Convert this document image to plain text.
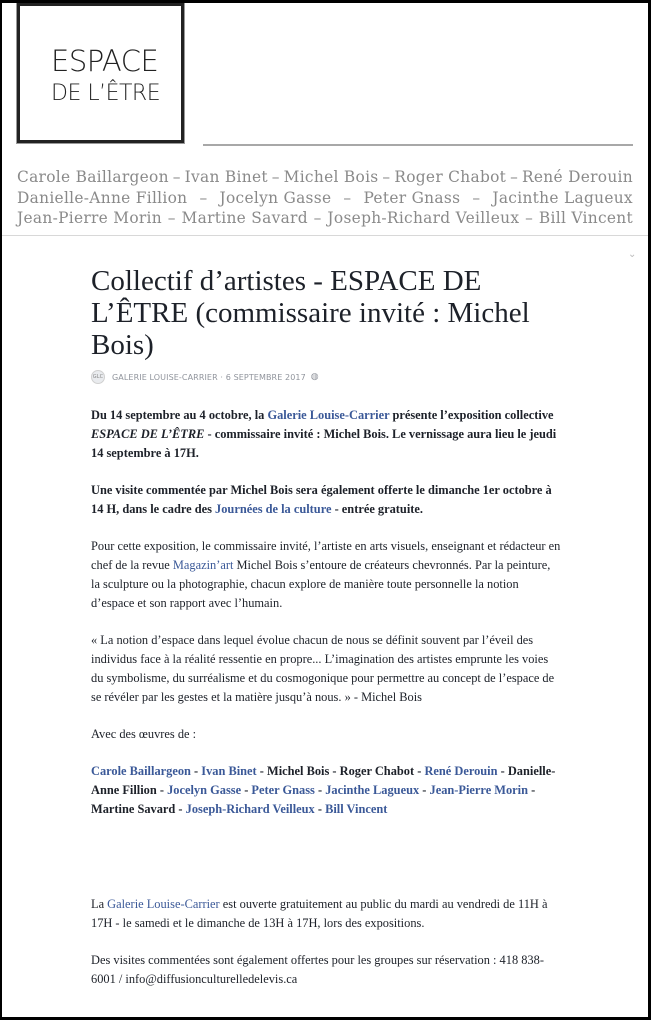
ESPACE
DE L’ÊTRE
Carole Baillargeon – Ivan Binet – Michel Bois – Roger Chabot – René Derouin
Danielle-Anne Fillion – Jocelyn Gasse – Peter Gnass – Jacinthe Lagueux
Jean-Pierre Morin – Martine Savard – Joseph-Richard Veilleux – Bill Vincent
⌄
Collectif d’artistes - ESPACE DE L’ÊTRE (commissaire invité : Michel Bois)
GLC GALERIE LOUISE-CARRIER · 6 SEPTEMBRE 2017 ◍

Du 14 septembre au 4 octobre, la Galerie Louise-Carrier présente l’exposition collective ESPACE DE L’ÊTRE - commissaire invité : Michel Bois. Le vernissage aura lieu le jeudi 14 septembre à 17H.

Une visite commentée par Michel Bois sera également offerte le dimanche 1er octobre à 14 H, dans le cadre des Journées de la culture - entrée gratuite.

Pour cette exposition, le commissaire invité, l’artiste en arts visuels, enseignant et rédacteur en chef de la revue Magazin’art Michel Bois s’entoure de créateurs chevronnés. Par la peinture, la sculpture ou la photographie, chacun explore de manière toute personnelle la notion d’espace et son rapport avec l’humain.

« La notion d’espace dans lequel évolue chacun de nous se définit souvent par l’éveil des individus face à la réalité ressentie en propre... L’imagination des artistes emprunte les voies du symbolisme, du surréalisme et du cosmogonique pour permettre au concept de l’espace de se révéler par les gestes et la matière jusqu’à nous. » - Michel Bois

Avec des œuvres de :

Carole Baillargeon - Ivan Binet - Michel Bois - Roger Chabot - René Derouin - Danielle-Anne Fillion - Jocelyn Gasse - Peter Gnass - Jacinthe Lagueux - Jean-Pierre Morin - Martine Savard - Joseph-Richard Veilleux - Bill Vincent

La Galerie Louise-Carrier est ouverte gratuitement au public du mardi au vendredi de 11H à 17H - le samedi et le dimanche de 13H à 17H, lors des expositions.

Des visites commentées sont également offertes pour les groupes sur réservation : 418 838-6001 / info@diffusionculturelledelevis.ca
